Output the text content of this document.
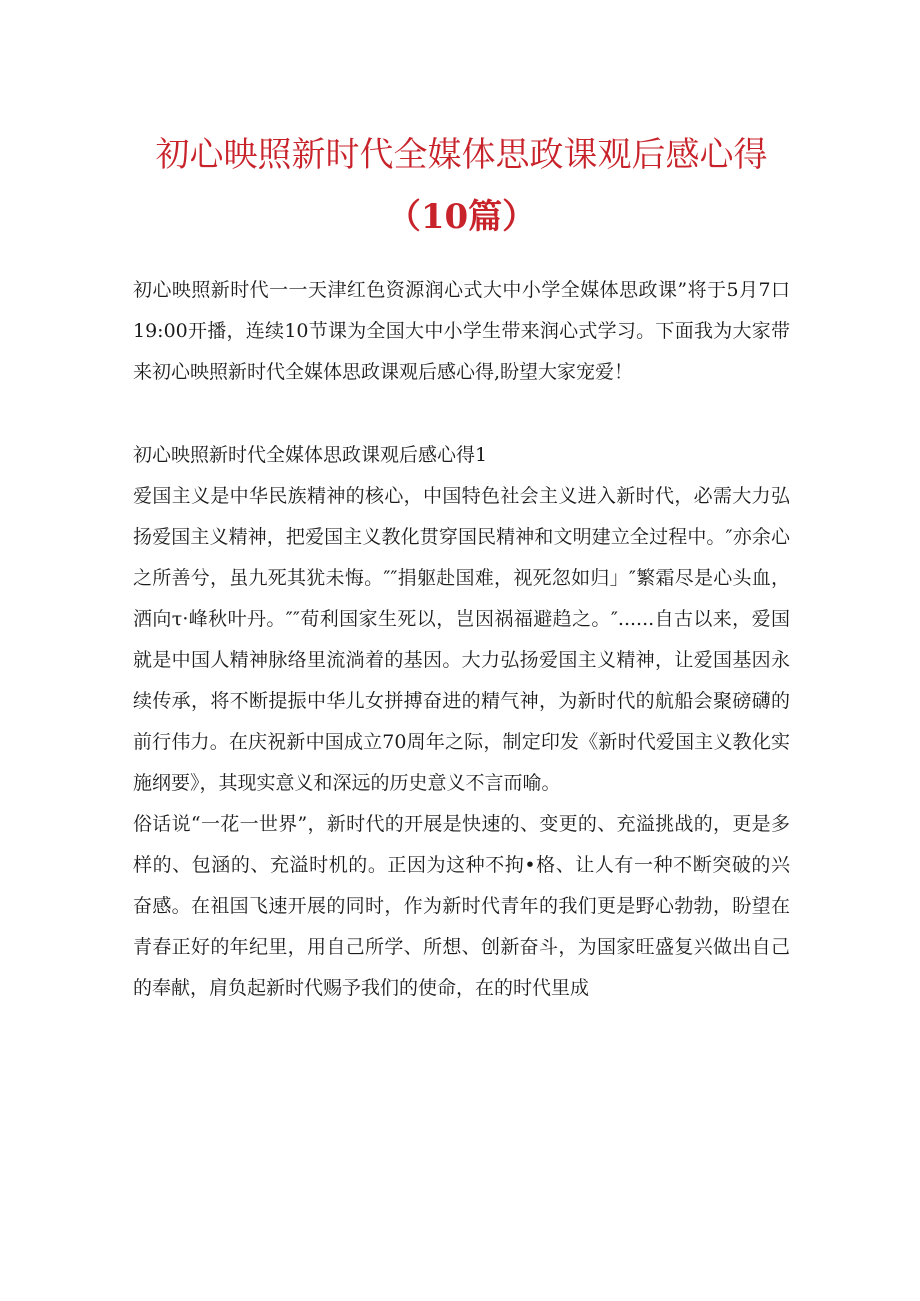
初心映照新时代全媒体思政课观后感心得
（10篇）

初心映照新时代一一天津红色资源润心式大中小学全媒体思政课”将于5月7口19:00开播，连续10节课为全国大中小学生带来润心式学习。下面我为大家带来初心映照新时代全媒体思政课观后感心得,盼望大家宠爱！

初心映照新时代全媒体思政课观后感心得1

爱国主义是中华民族精神的核心，中国特色社会主义进入新时代，必需大力弘扬爱国主义精神，把爱国主义教化贯穿国民精神和文明建立全过程中。″亦余心之所善兮，虽九死其犹未悔。″″捐躯赴国难，视死忽如归」″繁霜尽是心头血，洒向τ·峰秋叶丹。″″荀利国家生死以，岂因祸福避趋之。″......自古以来，爱国就是中国人精神脉络里流淌着的基因。大力弘扬爱国主义精神，让爱国基因永续传承，将不断提振中华儿女拼搏奋进的精气神，为新时代的航船会聚磅礴的前行伟力。在庆祝新中国成立70周年之际，制定印发《新时代爱国主义教化实施纲要》，其现实意义和深远的历史意义不言而喻。

俗话说“一花一世界”，新时代的开展是快速的、变更的、充溢挑战的，更是多样的、包涵的、充溢时机的。正因为这种不拘•格、让人有一种不断突破的兴奋感。在祖国飞速开展的同时，作为新时代青年的我们更是野心勃勃，盼望在青春正好的年纪里，用自己所学、所想、创新奋斗，为国家旺盛复兴做出自己的奉献，肩负起新时代赐予我们的使命，在的时代里成
